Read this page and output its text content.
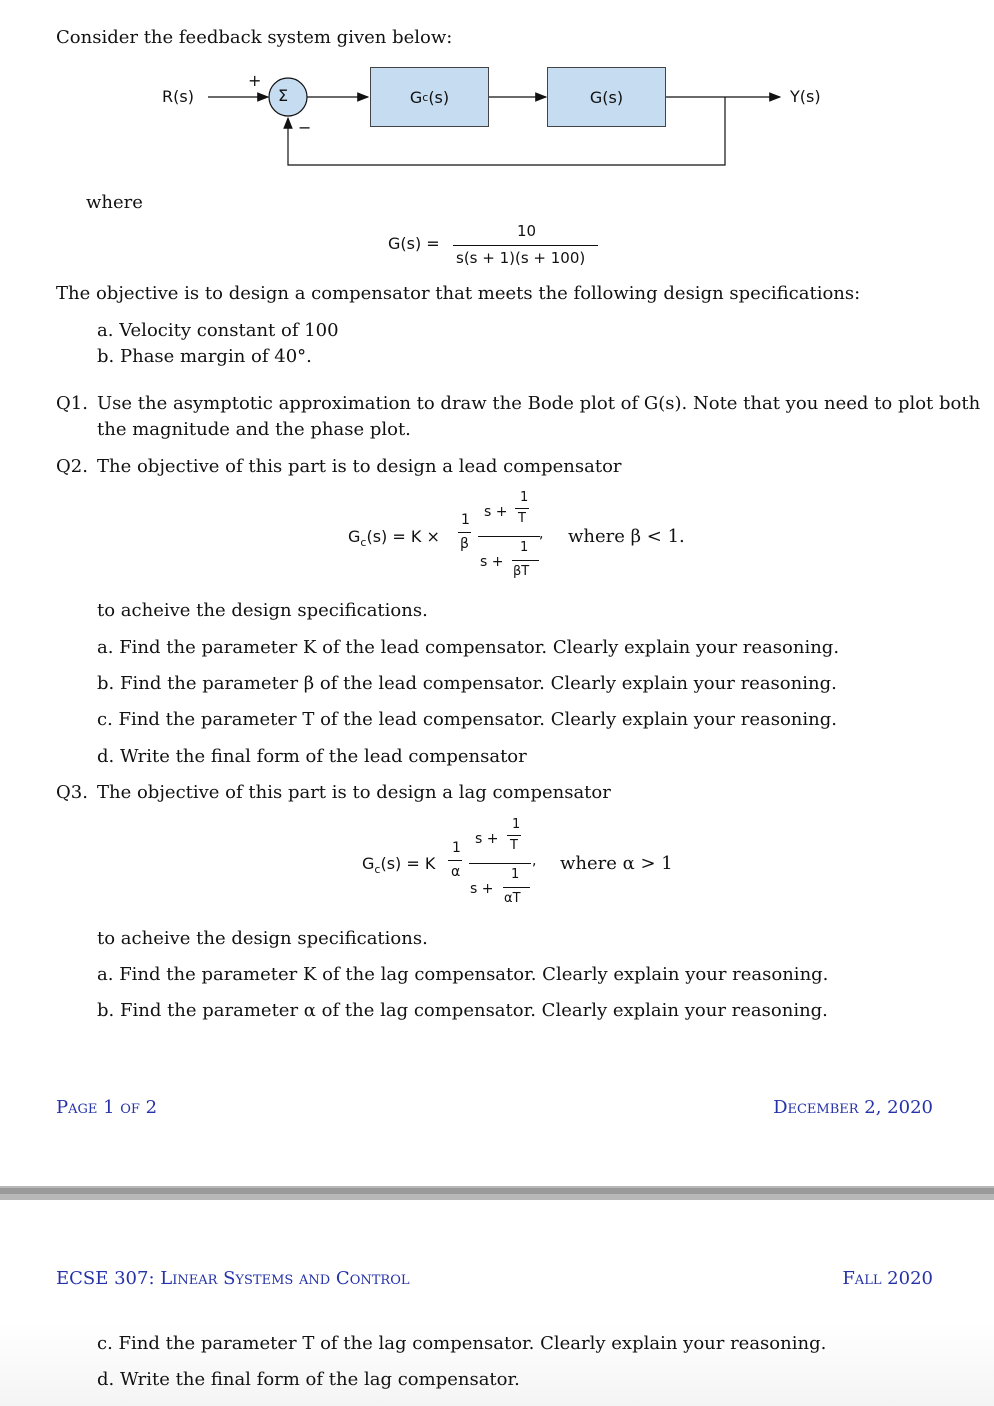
Consider the feedback system given below:
R(s)	Σ
+
−
G c (s)	G(s)	Y(s)
where
G(s) =
10
s(s + 1)(s + 100)
The objective is to design a compensator that meets the following design specifications:
a. Velocity constant of 100
b. Phase margin of 40°.
Q1. Use the asymptotic approximation to draw the Bode plot of G(s). Note that you need to plot both
the magnitude and the phase plot.
Q2. The objective of this part is to design a lead compensator
$G_c(s) = K$ ×
1
β
s +
1
T
,
s +
1
βT
where β < 1.
to acheive the design specifications.
a. Find the parameter K of the lead compensator. Clearly explain your reasoning.
b. Find the parameter β of the lead compensator. Clearly explain your reasoning.
c. Find the parameter T of the lead compensator. Clearly explain your reasoning.
d. Write the final form of the lead compensator
Q3. The objective of this part is to design a lag compensator
$G_c(s) = K$
1
α
s +
1
T
,
s +
1
αT
where α > 1
to acheive the design specifications.
a. Find the parameter K of the lag compensator. Clearly explain your reasoning.
b. Find the parameter α of the lag compensator. Clearly explain your reasoning.
Page 1 of 2	December 2, 2020
ECSE 307: Linear Systems and Control	Fall 2020
c. Find the parameter T of the lag compensator. Clearly explain your reasoning.
d. Write the final form of the lag compensator.
